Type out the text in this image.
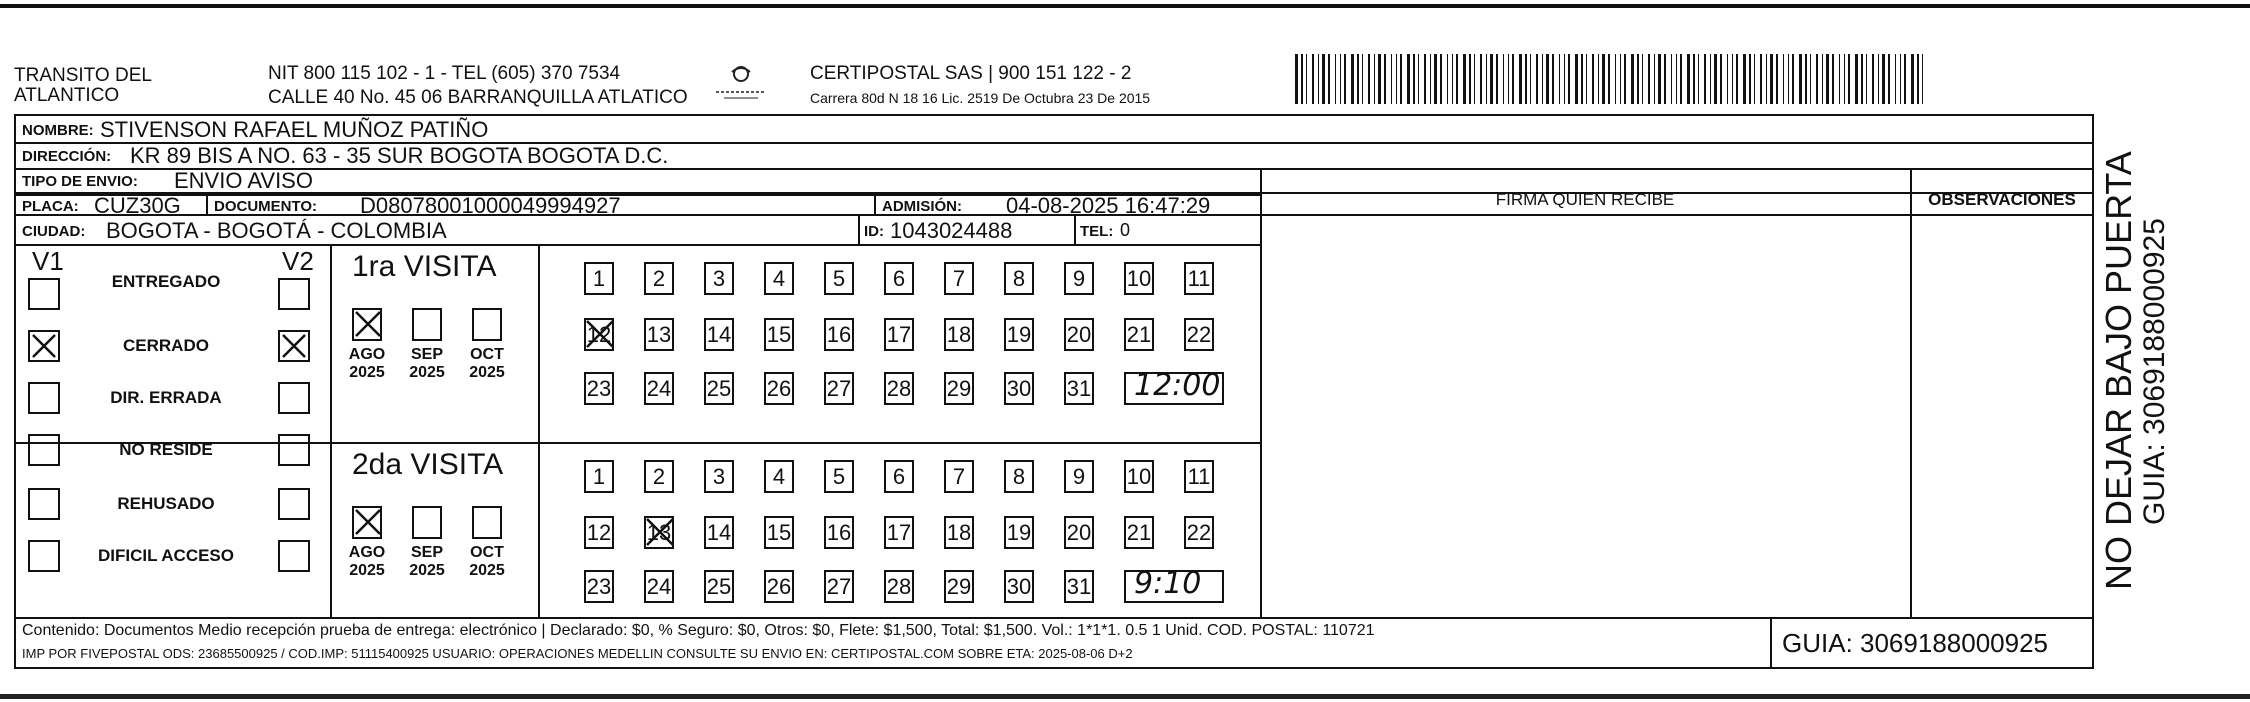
TRANSITO DEL
ATLANTICO
NIT 800 115 102 - 1 - TEL (605) 370 7534
CALLE 40 No. 45 06 BARRANQUILLA ATLATICO
CERTIPOSTAL SAS | 900 151 122 - 2
Carrera 80d N 18 16 Lic. 2519 De Octubra 23 De 2015
NO DEJAR BAJO PUERTA GUIA: 3069188000925
NOMBRE: STIVENSON RAFAEL MUÑOZ PATIÑO
DIRECCIÓN: KR 89 BIS A NO. 63 - 35 SUR BOGOTA BOGOTA D.C.
TIPO DE ENVIO: ENVIO AVISO
FIRMA QUIEN RECIBE	OBSERVACIONES
PLACA: CUZ30G DOCUMENTO: D08078001000049994927	ADMISIÓN: 04-08-2025 16:47:29
CIUDAD: BOGOTA - BOGOTÁ - COLOMBIA	ID: 1043024488	TEL: 0
V1	V2
Contenido: Documentos Medio recepción prueba de entrega: electrónico | Declarado: $0, % Seguro: $0, Otros: $0, Flete: $1,500, Total: $1,500. Vol.: 1*1*1. 0.5 1 Unid. COD. POSTAL: 110721
IMP POR FIVEPOSTAL ODS: 23685500925 / COD.IMP: 51115400925 USUARIO: OPERACIONES MEDELLIN CONSULTE SU ENVIO EN: CERTIPOSTAL.COM SOBRE ETA: 2025-08-06 D+2	GUIA: 3069188000925
ENTREGADO
CERRADO
DIR. ERRADA
NO RESIDE
REHUSADO
DIFICIL ACCESO
1ra VISITA
AGO
2025
SEP
2025
OCT
2025
1	2	3	4	5	6	7	8	9	10 11
12 13 14 15 16 17 18 19 20 21 22
23 24 25 26 27 28 29 30 31 12:00
2da VISITA
AGO
2025
SEP
2025
OCT
2025
1	2	3	4	5	6	7	8	9	10 11
12 13 14 15 16 17 18 19 20 21 22
23 24 25 26 27 28 29 30 31 9:10
